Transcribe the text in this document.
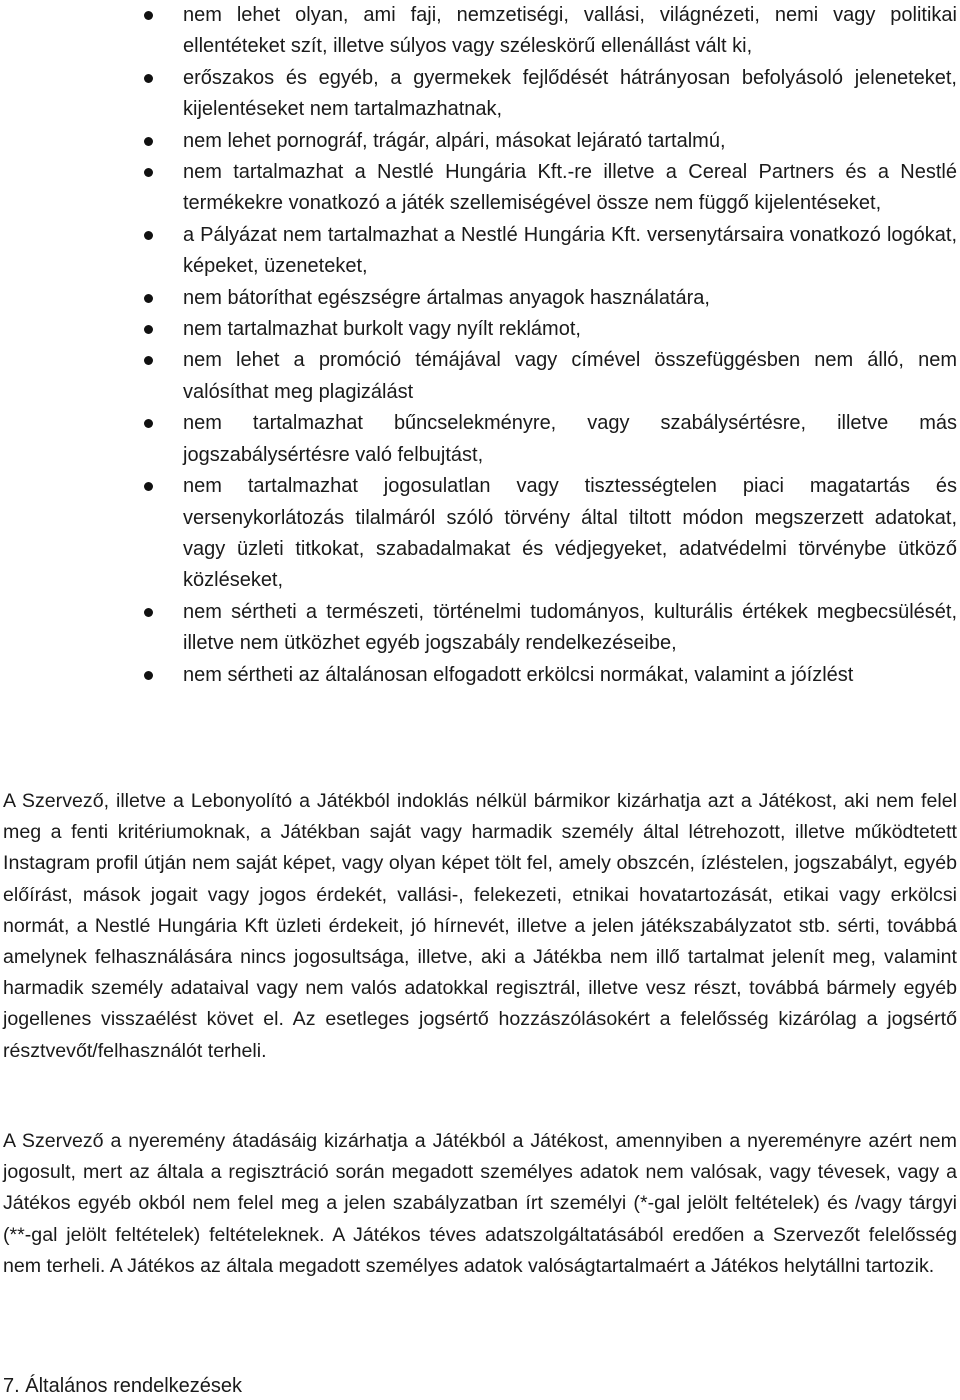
nem lehet olyan, ami faji, nemzetiségi, vallási, világnézeti, nemi vagy politikai ellentéteket szít, illetve súlyos vagy széleskörű ellenállást vált ki,
erőszakos és egyéb, a gyermekek fejlődését hátrányosan befolyásoló jeleneteket, kijelentéseket nem tartalmazhatnak,
nem lehet pornográf, trágár, alpári, másokat lejárató tartalmú,
nem tartalmazhat a Nestlé Hungária Kft.-re illetve a Cereal Partners és a Nestlé termékekre vonatkozó a játék szellemiségével össze nem függő kijelentéseket,
a Pályázat nem tartalmazhat a Nestlé Hungária Kft. versenytársaira vonatkozó logókat, képeket, üzeneteket,
nem bátoríthat egészségre ártalmas anyagok használatára,
nem tartalmazhat burkolt vagy nyílt reklámot,
nem lehet a promóció témájával vagy címével összefüggésben nem álló, nem valósíthat meg plagizálást
nem tartalmazhat bűncselekményre, vagy szabálysértésre, illetve más jogszabálysértésre való felbujtást,
nem tartalmazhat jogosulatlan vagy tisztességtelen piaci magatartás és versenykorlátozás tilalmáról szóló törvény által tiltott módon megszerzett adatokat, vagy üzleti titkokat, szabadalmakat és védjegyeket, adatvédelmi törvénybe ütköző közléseket,
nem sértheti a természeti, történelmi tudományos, kulturális értékek megbecsülését, illetve nem ütközhet egyéb jogszabály rendelkezéseibe,
nem sértheti az általánosan elfogadott erkölcsi normákat, valamint a jóízlést

A Szervező, illetve a Lebonyolító a Játékból indoklás nélkül bármikor kizárhatja azt a Játékost, aki nem felel meg a fenti kritériumoknak, a Játékban saját vagy harmadik személy által létrehozott, illetve működtetett Instagram profil útján nem saját képet, vagy olyan képet tölt fel, amely obszcén, ízléstelen, jogszabályt, egyéb előírást, mások jogait vagy jogos érdekét, vallási-, felekezeti, etnikai hovatartozását, etikai vagy erkölcsi normát, a Nestlé Hungária Kft üzleti érdekeit, jó hírnevét, illetve a jelen játékszabályzatot stb. sérti, továbbá amelynek felhasználására nincs jogosultsága, illetve, aki a Játékba nem illő tartalmat jelenít meg, valamint harmadik személy adataival vagy nem valós adatokkal regisztrál, illetve vesz részt, továbbá bármely egyéb jogellenes visszaélést követ el. Az esetleges jogsértő hozzászólásokért a felelősség kizárólag a jogsértő résztvevőt/felhasználót terheli.

A Szervező a nyeremény átadásáig kizárhatja a Játékból a Játékost, amennyiben a nyereményre azért nem jogosult, mert az általa a regisztráció során megadott személyes adatok nem valósak, vagy tévesek, vagy a Játékos egyéb okból nem felel meg a jelen szabályzatban írt személyi (*-gal jelölt feltételek) és /vagy tárgyi (**-gal jelölt feltételek) feltételeknek. A Játékos téves adatszolgáltatásából eredően a Szervezőt felelősség nem terheli. A Játékos az általa megadott személyes adatok valóságtartalmaért a Játékos helytállni tartozik.

7. Általános rendelkezések
